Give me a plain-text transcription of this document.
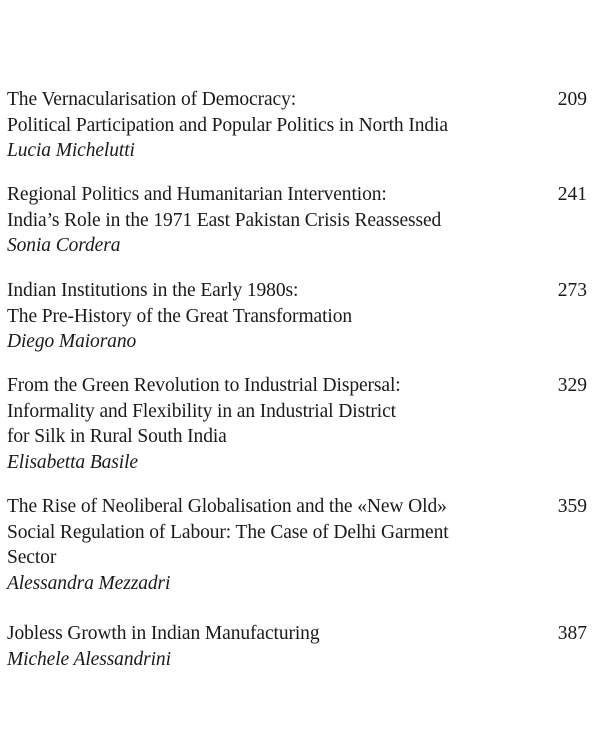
The Vernacularisation of Democracy:
Political Participation and Popular Politics in North India
Lucia Michelutti
209
Regional Politics and Humanitarian Intervention:
India’s Role in the 1971 East Pakistan Crisis Reassessed
Sonia Cordera
241
Indian Institutions in the Early 1980s:
The Pre-History of the Great Transformation
Diego Maiorano
273
From the Green Revolution to Industrial Dispersal:
Informality and Flexibility in an Industrial District
for Silk in Rural South India
Elisabetta Basile
329
The Rise of Neoliberal Globalisation and the «New Old»
Social Regulation of Labour: The Case of Delhi Garment
Sector
Alessandra Mezzadri
359
Jobless Growth in Indian Manufacturing
Michele Alessandrini
387
